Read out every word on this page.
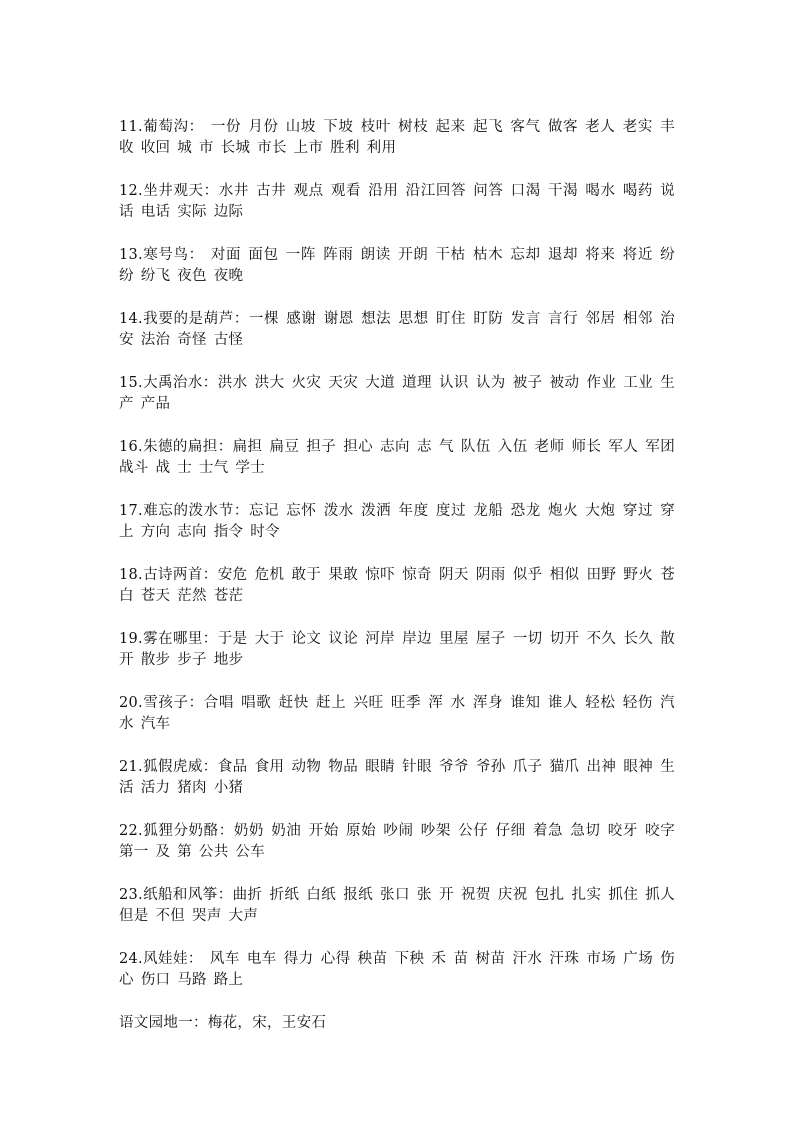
11.葡萄沟： 一份 月份 山坡 下坡 枝叶 树枝 起来 起飞 客气 做客 老人 老实 丰收 收回 城 市 长城 市长 上市 胜利 利用

12.坐井观天：水井 古井 观点 观看 沿用 沿江回答 问答 口渴 干渴 喝水 喝药 说话 电话 实际 边际

13.寒号鸟： 对面 面包 一阵 阵雨 朗读 开朗 干枯 枯木 忘却 退却 将来 将近 纷纷 纷飞 夜色 夜晚

14.我要的是葫芦：一棵 感谢 谢恩 想法 思想 盯住 盯防 发言 言行 邻居 相邻 治安 法治 奇怪 古怪

15.大禹治水：洪水 洪大 火灾 天灾 大道 道理 认识 认为 被子 被动 作业 工业 生产 产品

16.朱德的扁担：扁担 扁豆 担子 担心 志向 志 气 队伍 入伍 老师 师长 军人 军团 战斗 战 士 士气 学士

17.难忘的泼水节：忘记 忘怀 泼水 泼洒 年度 度过 龙船 恐龙 炮火 大炮 穿过 穿上 方向 志向 指令 时令

18.古诗两首：安危 危机 敢于 果敢 惊吓 惊奇 阴天 阴雨 似乎 相似 田野 野火 苍白 苍天 茫然 苍茫

19.雾在哪里：于是 大于 论文 议论 河岸 岸边 里屋 屋子 一切 切开 不久 长久 散开 散步 步子 地步

20.雪孩子：合唱 唱歌 赶快 赶上 兴旺 旺季 浑 水 浑身 谁知 谁人 轻松 轻伤 汽水 汽车

21.狐假虎威：食品 食用 动物 物品 眼睛 针眼 爷爷 爷孙 爪子 猫爪 出神 眼神 生活 活力 猪肉 小猪

22.狐狸分奶酪：奶奶 奶油 开始 原始 吵闹 吵架 公仔 仔细 着急 急切 咬牙 咬字 第一 及 第 公共 公车

23.纸船和风筝：曲折 折纸 白纸 报纸 张口 张 开 祝贺 庆祝 包扎 扎实 抓住 抓人 但是 不但 哭声 大声

24.风娃娃： 风车 电车 得力 心得 秧苗 下秧 禾 苗 树苗 汗水 汗珠 市场 广场 伤心 伤口 马路 路上

语文园地一：梅花，宋，王安石
